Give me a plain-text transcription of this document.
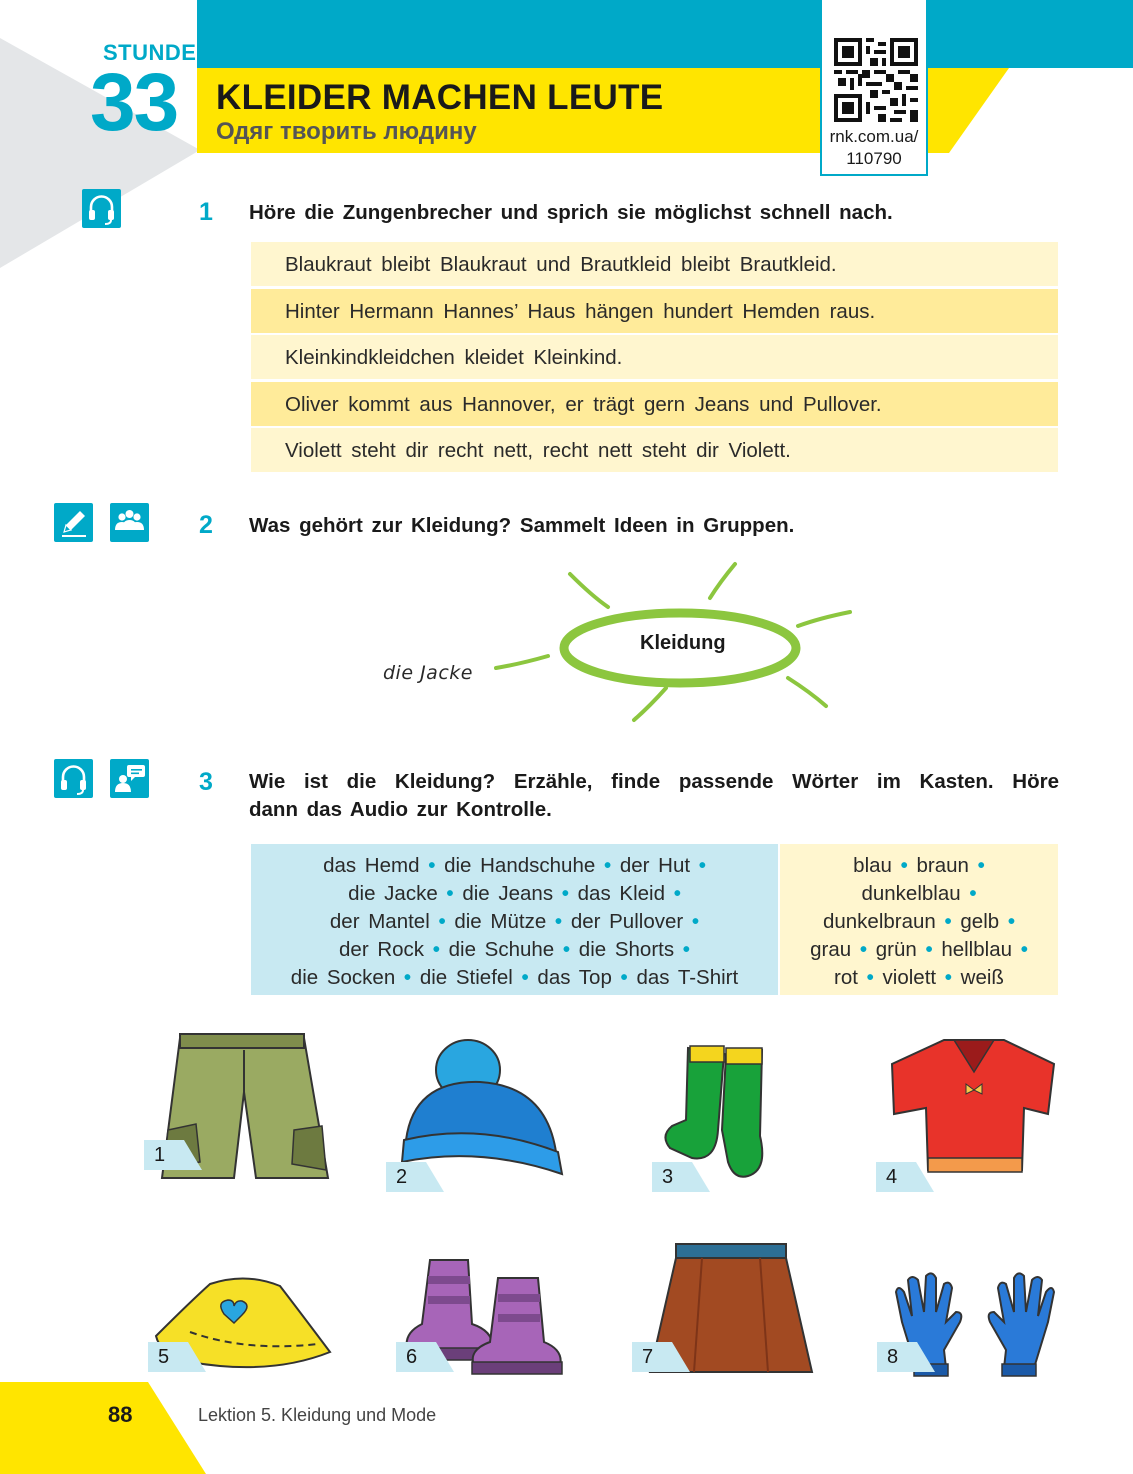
STUNDE
33 KLEIDER MACHEN LEUTE
Одяг творить людину	rnk.com.ua/
110790
1 Höre die Zungenbrecher und sprich sie möglichst schnell nach.
Blaukraut bleibt Blaukraut und Brautkleid bleibt Brautkleid.
Hinter Hermann Hannes’ Haus hängen hundert Hemden raus.
Kleinkindkleidchen kleidet Kleinkind.
Oliver kommt aus Hannover, er trägt gern Jeans und Pullover.
Violett steht dir recht nett, recht nett steht dir Violett.
2 Was gehört zur Kleidung? Sammelt Ideen in Gruppen.
Kleidung
die Jacke
3 Wie ist die Kleidung? Erzähle, finde passende Wörter im Kasten. Höre
dann das Audio zur Kontrolle.
das Hemd • die Handschuhe • der Hut •
die Jacke • die Jeans • das Kleid •
der Mantel • die Mütze • der Pullover •
der Rock • die Schuhe • die Shorts •
die Socken • die Stiefel • das Top • das T-Shirt
blau • braun •
dunkelblau •
dunkelbraun • gelb •
grau • grün • hellblau •
rot • violett • weiß
1
2	3	4
5	6	7	8
88	Lektion 5. Kleidung und Mode
